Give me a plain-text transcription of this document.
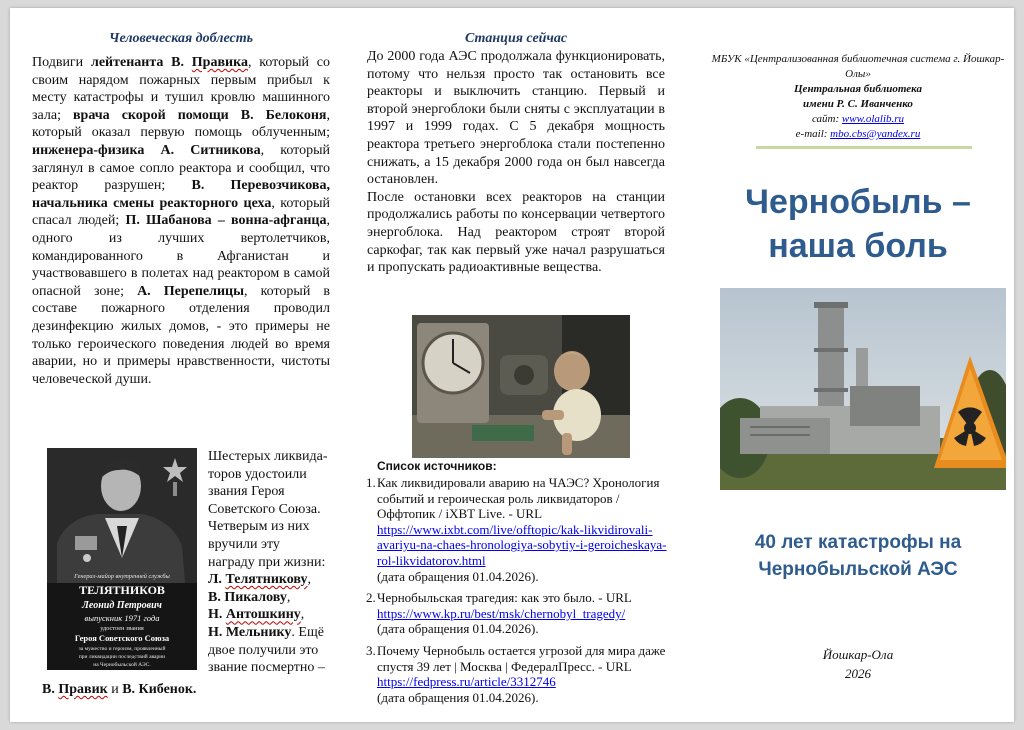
Человеческая доблесть

Подвиги лейтенанта В. Правика, который со своим нарядом пожарных первым прибыл к месту катастрофы и тушил кровлю машинного зала; врача скорой помощи В. Белоконя, который оказал первую помощь облученным; инженера-физика А. Ситникова, который заглянул в самое сопло реактора и сообщил, что реактор разрушен; В. Перевозчикова, начальника смены реакторного цеха, который спасал людей; П. Шабанова – вонна-афганца, одного из лучших вертолетчиков, командированного в Афганистан и участвовавшего в полетах над реактором в самой опасной зоне; А. Перепелицы, который в составе пожарного отделения проводил дезинфекцию жилых домов, - это примеры не только героического поведения людей во время аварии, но и примеры нравственности, чистоты человеческой души.

Генерал-майор внутренней службы
ТЕЛЯТНИКОВ
Леонид Петрович
выпускник 1971 года
удостоен звания
Героя Советского Союза
за мужество и героизм, проявленный
при ликвидации последствий аварии
на Чернобыльской АЭС.

Шестерых ликвида-торов удостоили звания Героя Советского Союза. Четверым из них вручили эту награду при жизни: Л. Телятникову,
В. Пикалову,
Н. Антошкину,
Н. Мельнику. Ещё двое получили это звание посмертно –

В. Правик и В. Кибенок.

Станция сейчас
До 2000 года АЭС продолжала функционировать, потому что нельзя просто так остановить все реакторы и выключить станцию. Первый и второй энергоблоки были сняты с эксплуатации в 1997 и 1999 годах. С 5 декабря мощность реактора третьего энергоблока стали постепенно снижать, а 15 декабря 2000 года он был навсегда остановлен.
После остановки всех реакторов на станции продолжались работы по консервации четвертого энергоблока. Над реактором строят второй саркофаг, так как первый уже начал разрушаться и пропускать радиоактивные вещества.

Список источников:

1. Как ликвидировали аварию на ЧАЭС? Хронология событий и героическая роль ликвидаторов / Оффтопик / iXBT Live. - URL https://www.ixbt.com/live/offtopic/kak-likvidirovali-avariyu-na-chaes-hronologiya-sobytiy-i-geroicheskaya-rol-likvidatorov.html
(дата обращения 01.04.2026).
2. Чернобыльская трагедия: как это было. - URL https://www.kp.ru/best/msk/chernobyl_tragedy/
(дата обращения 01.04.2026).
3. Почему Чернобыль остается угрозой для мира даже спустя 39 лет | Москва | ФедералПресс. - URL https://fedpress.ru/article/3312746
(дата обращения 01.04.2026).
МБУК «Централизованная библиотечная система г. Йошкар-Олы»
Центральная библиотека
имени Р. С. Иванченко
сайт: www.olalib.ru
e-mail: mbo.cbs@yandex.ru
Чернобыль –
наша боль
40 лет катастрофы на
Чернобыльской АЭС
Йошкар-Ола
2026
